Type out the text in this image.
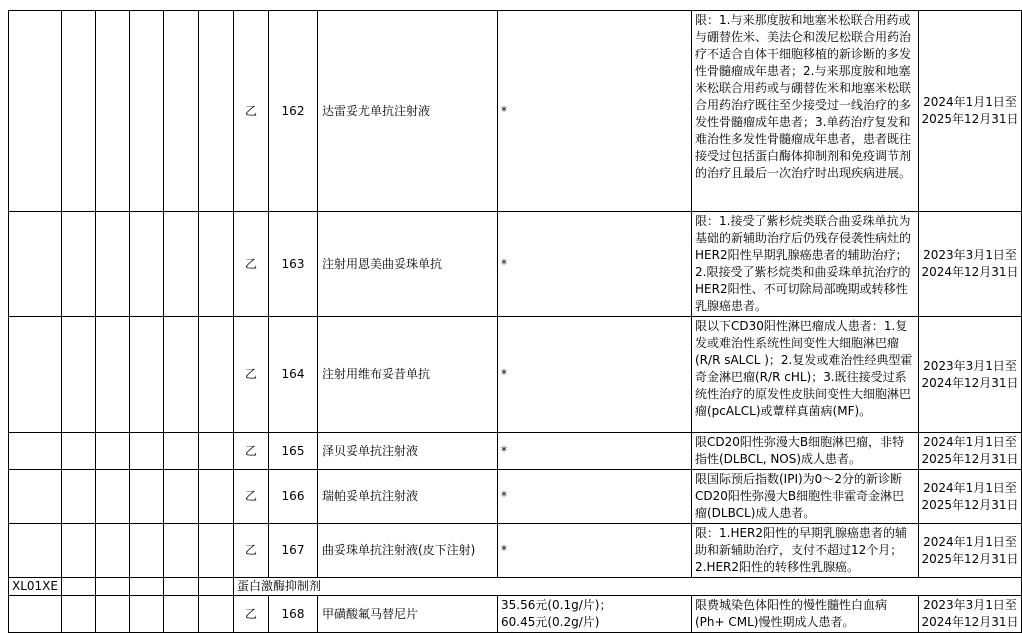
						乙	162	达雷妥尤单抗注射液	*	限：1.与来那度胺和地塞米松联合用药或与硼替佐米、美法仑和泼尼松联合用药治疗不适合自体干细胞移植的新诊断的多发性骨髓瘤成年患者；2.与来那度胺和地塞米松联合用药或与硼替佐米和地塞米松联合用药治疗既往至少接受过一线治疗的多发性骨髓瘤成年患者；3.单药治疗复发和难治性多发性骨髓瘤成年患者，患者既往接受过包括蛋白酶体抑制剂和免疫调节剂的治疗且最后一次治疗时出现疾病进展。	2024年1月1日至
2025年12月31日

						乙	163	注射用恩美曲妥珠单抗	*	限：1.接受了紫杉烷类联合曲妥珠单抗为基础的新辅助治疗后仍残存侵袭性病灶的HER2阳性早期乳腺癌患者的辅助治疗；2.限接受了紫杉烷类和曲妥珠单抗治疗的HER2阳性、不可切除局部晚期或转移性乳腺癌患者。	2023年3月1日至
2024年12月31日

						乙	164	注射用维布妥昔单抗	*	限以下CD30阳性淋巴瘤成人患者：1.复发或难治性系统性间变性大细胞淋巴瘤(R/R sALCL )；2.复发或难治性经典型霍奇金淋巴瘤(R/R cHL)；3.既往接受过系统性治疗的原发性皮肤间变性大细胞淋巴瘤(pcALCL)或蕈样真菌病(MF)。	2023年3月1日至
2024年12月31日

						乙	165	泽贝妥单抗注射液	*	限CD20阳性弥漫大B细胞淋巴瘤，非特指性(DLBCL, NOS)成人患者。	2024年1月1日至
2025年12月31日

						乙	166	瑞帕妥单抗注射液	*	限国际预后指数(IPI)为0～2分的新诊断CD20阳性弥漫大B细胞性非霍奇金淋巴瘤(DLBCL)成人患者。	2024年1月1日至
2025年12月31日

						乙	167	曲妥珠单抗注射液(皮下注射)	*	限：1.HER2阳性的早期乳腺癌患者的辅助和新辅助治疗，支付不超过12个月；2.HER2阳性的转移性乳腺癌。	2024年1月1日至
2025年12月31日

XL01XE						蛋白激酶抑制剂					
						乙	168	甲磺酸氟马替尼片	35.56元(0.1g/片)；
60.45元(0.2g/片)	限费城染色体阳性的慢性髓性白血病(Ph+ CML)慢性期成人患者。	2023年3月1日至
2024年12月31日
